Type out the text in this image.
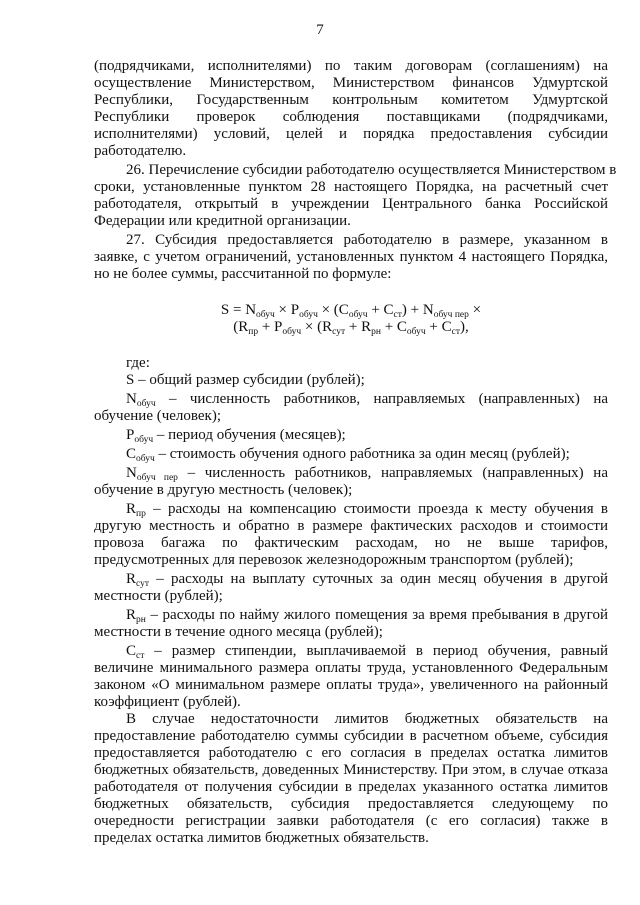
7
(подрядчиками, исполнителями) по таким договорам (соглашениям) на
осуществление Министерством, Министерством финансов Удмуртской
Республики, Государственным контрольным комитетом Удмуртской
Республики проверок соблюдения поставщиками (подрядчиками,
исполнителями) условий, целей и порядка предоставления субсидии
работодателю.
26. Перечисление субсидии работодателю осуществляется Министерством в
сроки, установленные пунктом 28 настоящего Порядка, на расчетный счет
работодателя, открытый в учреждении Центрального банка Российской
Федерации или кредитной организации.
27. Субсидия предоставляется работодателю в размере, указанном в
заявке, с учетом ограничений, установленных пунктом 4 настоящего Порядка,
но не более суммы, рассчитанной по формуле:
$S = N_{обуч} \times P_{обуч} \times (C_{обуч} + C_{ст}) + N_{обуч пер}$ ×
($R_{пр} + P_{обуч} \times (R_{сут} + R_{рн} + C_{обуч} + C_{ст})$,
где:
S – общий размер субсидии (рублей);
$N_{обуч}$ – численность работников, направляемых (направленных) на
обучение (человек);
$P_{обуч}$ – период обучения (месяцев);
$C_{обуч}$ – стоимость обучения одного работника за один месяц (рублей);
$N_{обуч пер}$ – численность работников, направляемых (направленных) на
обучение в другую местность (человек);
$R_{пр}$ – расходы на компенсацию стоимости проезда к месту обучения в
другую местность и обратно в размере фактических расходов и стоимости
провоза багажа по фактическим расходам, но не выше тарифов,
предусмотренных для перевозок железнодорожным транспортом (рублей);
$R_{сут}$ – расходы на выплату суточных за один месяц обучения в другой
местности (рублей);
$R_{рн}$ – расходы по найму жилого помещения за время пребывания в другой
местности в течение одного месяца (рублей);
$C_{ст}$ – размер стипендии, выплачиваемой в период обучения, равный
величине минимального размера оплаты труда, установленного Федеральным
законом «О минимальном размере оплаты труда», увеличенного на районный
коэффициент (рублей).
В случае недостаточности лимитов бюджетных обязательств на
предоставление работодателю суммы субсидии в расчетном объеме, субсидия
предоставляется работодателю с его согласия в пределах остатка лимитов
бюджетных обязательств, доведенных Министерству. При этом, в случае отказа
работодателя от получения субсидии в пределах указанного остатка лимитов
бюджетных обязательств, субсидия предоставляется следующему по
очередности регистрации заявки работодателя (с его согласия) также в
пределах остатка лимитов бюджетных обязательств.
